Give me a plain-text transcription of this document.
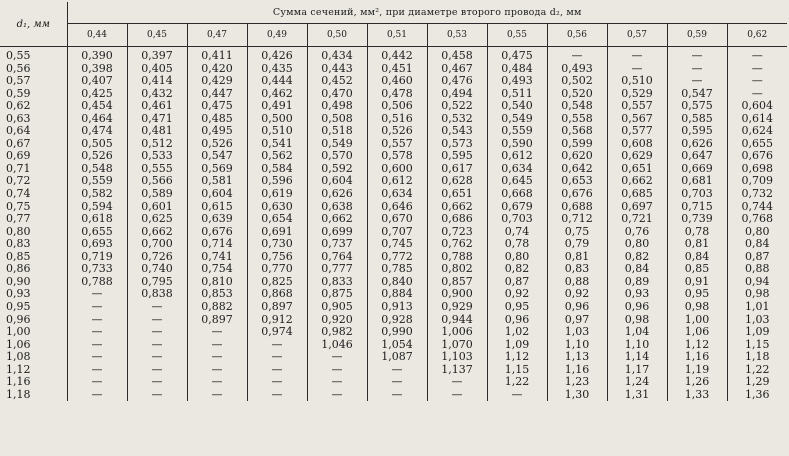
d₁, мм	Сумма сечений, мм², при диаметре второго провода d₂, мм											
	0,44	0,45	0,47	0,49	0,50	0,51	0,53	0,55	0,56	0,57	0,59	0,62
0,55	0,390	0,397	0,411	0,426	0,434	0,442	0,458	0,475	—	—	—	—
0,56	0,398	0,405	0,420	0,435	0,443	0,451	0,467	0,484	0,493	—	—	—
0,57	0,407	0,414	0,429	0,444	0,452	0,460	0,476	0,493	0,502	0,510	—	—
0,59	0,425	0,432	0,447	0,462	0,470	0,478	0,494	0,511	0,520	0,529	0,547	—
0,62	0,454	0,461	0,475	0,491	0,498	0,506	0,522	0,540	0,548	0,557	0,575	0,604
0,63	0,464	0,471	0,485	0,500	0,508	0,516	0,532	0,549	0,558	0,567	0,585	0,614
0,64	0,474	0,481	0,495	0,510	0,518	0,526	0,543	0,559	0,568	0,577	0,595	0,624
0,67	0,505	0,512	0,526	0,541	0,549	0,557	0,573	0,590	0,599	0,608	0,626	0,655
0,69	0,526	0,533	0,547	0,562	0,570	0,578	0,595	0,612	0,620	0,629	0,647	0,676
0,71	0,548	0,555	0,569	0,584	0,592	0,600	0,617	0,634	0,642	0,651	0,669	0,698
0,72	0,559	0,566	0,581	0,596	0,604	0,612	0,628	0,645	0,653	0,662	0,681	0,709
0,74	0,582	0,589	0,604	0,619	0,626	0,634	0,651	0,668	0,676	0,685	0,703	0,732
0,75	0,594	0,601	0,615	0,630	0,638	0,646	0,662	0,679	0,688	0,697	0,715	0,744
0,77	0,618	0,625	0,639	0,654	0,662	0,670	0,686	0,703	0,712	0,721	0,739	0,768
0,80	0,655	0,662	0,676	0,691	0,699	0,707	0,723	0,74	0,75	0,76	0,78	0,80
0,83	0,693	0,700	0,714	0,730	0,737	0,745	0,762	0,78	0,79	0,80	0,81	0,84
0,85	0,719	0,726	0,741	0,756	0,764	0,772	0,788	0,80	0,81	0,82	0,84	0,87
0,86	0,733	0,740	0,754	0,770	0,777	0,785	0,802	0,82	0,83	0,84	0,85	0,88
0,90	0,788	0,795	0,810	0,825	0,833	0,840	0,857	0,87	0,88	0,89	0,91	0,94
0,93	—	0,838	0,853	0,868	0,875	0,884	0,900	0,92	0,92	0,93	0,95	0,98
0,95	—	—	0,882	0,897	0,905	0,913	0,929	0,95	0,96	0,96	0,98	1,01
0,96	—	—	0,897	0,912	0,920	0,928	0,944	0,96	0,97	0,98	1,00	1,03
1,00	—	—	—	0,974	0,982	0,990	1,006	1,02	1,03	1,04	1,06	1,09
1,06	—	—	—	—	1,046	1,054	1,070	1,09	1,10	1,10	1,12	1,15
1,08	—	—	—	—	—	1,087	1,103	1,12	1,13	1,14	1,16	1,18
1,12	—	—	—	—	—	—	1,137	1,15	1,16	1,17	1,19	1,22
1,16	—	—	—	—	—	—	—	1,22	1,23	1,24	1,26	1,29
1,18	—	—	—	—	—	—	—	—	1,30	1,31	1,33	1,36
